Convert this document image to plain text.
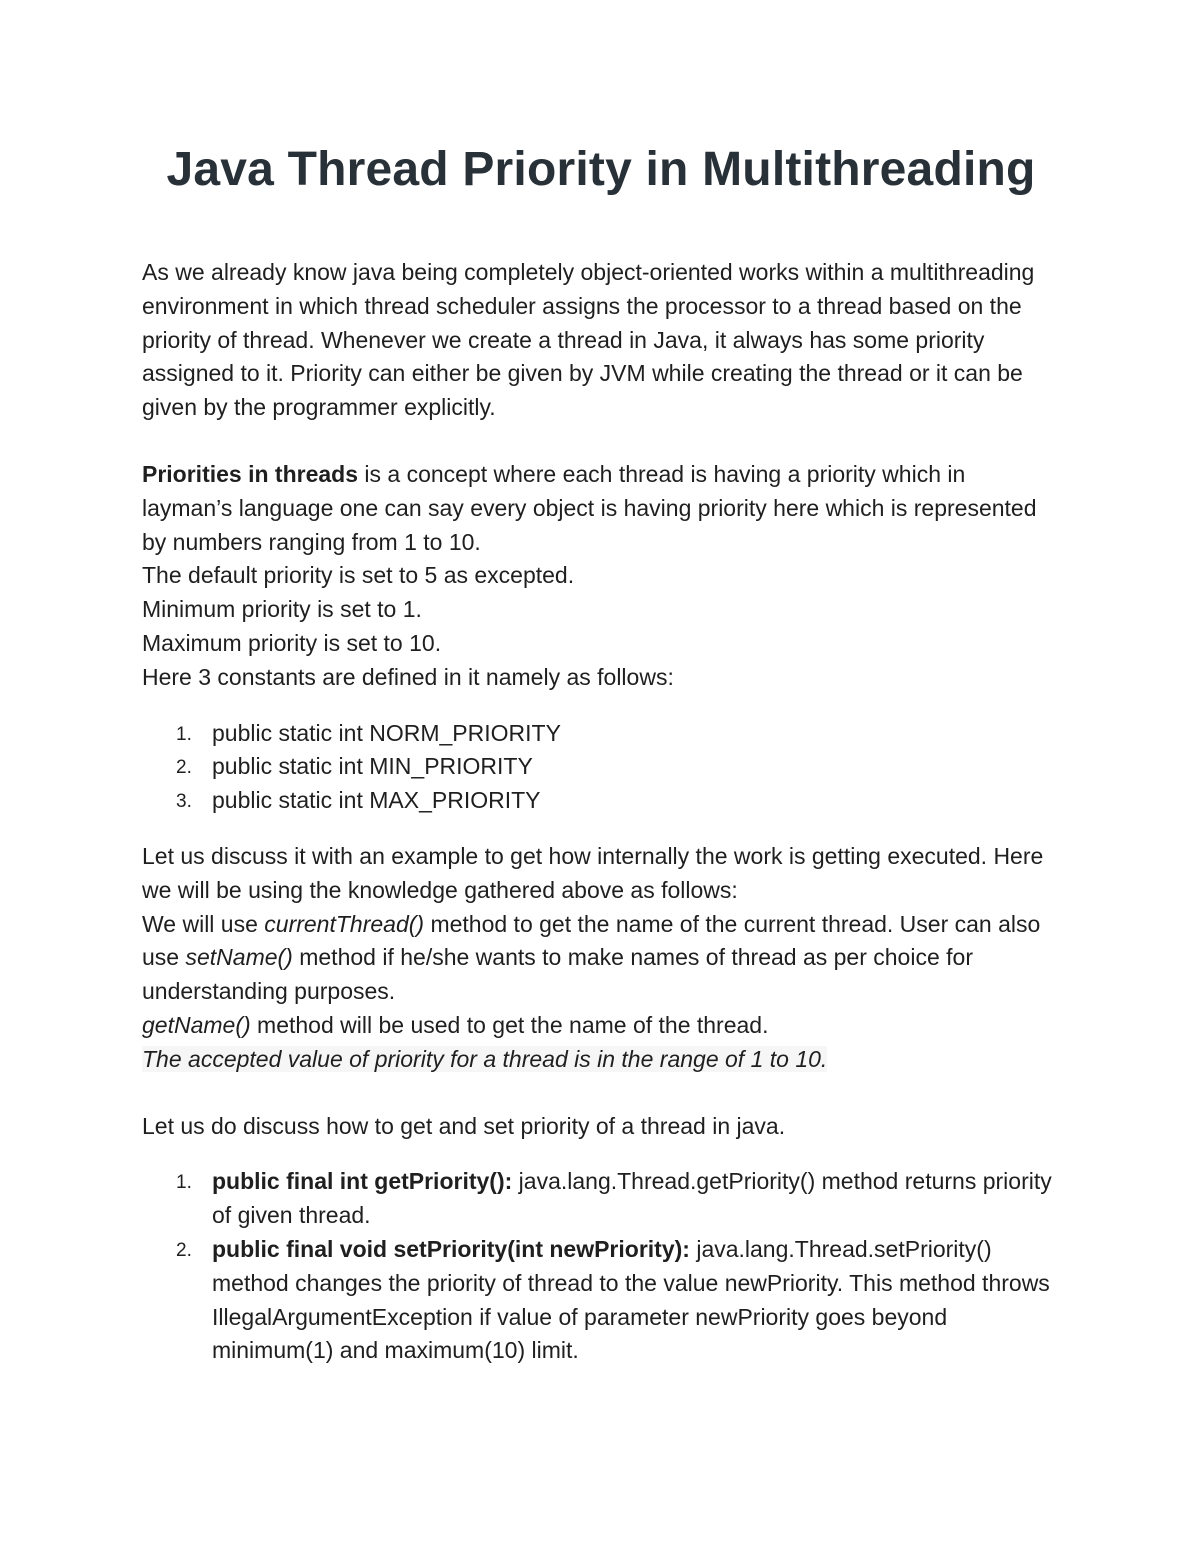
Java Thread Priority in Multithreading

As we already know java being completely object-oriented works within a multithreading environment in which thread scheduler assigns the processor to a thread based on the priority of thread. Whenever we create a thread in Java, it always has some priority assigned to it. Priority can either be given by JVM while creating the thread or it can be given by the programmer explicitly.

Priorities in threads is a concept where each thread is having a priority which in layman’s language one can say every object is having priority here which is represented by numbers ranging from 1 to 10.

The default priority is set to 5 as excepted.

Minimum priority is set to 1.

Maximum priority is set to 10.

Here 3 constants are defined in it namely as follows:

1. public static int NORM_PRIORITY
2. public static int MIN_PRIORITY
3. public static int MAX_PRIORITY

Let us discuss it with an example to get how internally the work is getting executed. Here we will be using the knowledge gathered above as follows:

We will use currentThread() method to get the name of the current thread. User can also use setName() method if he/she wants to make names of thread as per choice for understanding purposes.

getName() method will be used to get the name of the thread.

The accepted value of priority for a thread is in the range of 1 to 10.

Let us do discuss how to get and set priority of a thread in java.

1. public final int getPriority(): java.lang.Thread.getPriority() method returns priority of given thread.
2. public final void setPriority(int newPriority): java.lang.Thread.setPriority() method changes the priority of thread to the value newPriority. This method throws IllegalArgumentException if value of parameter newPriority goes beyond minimum(1) and maximum(10) limit.
